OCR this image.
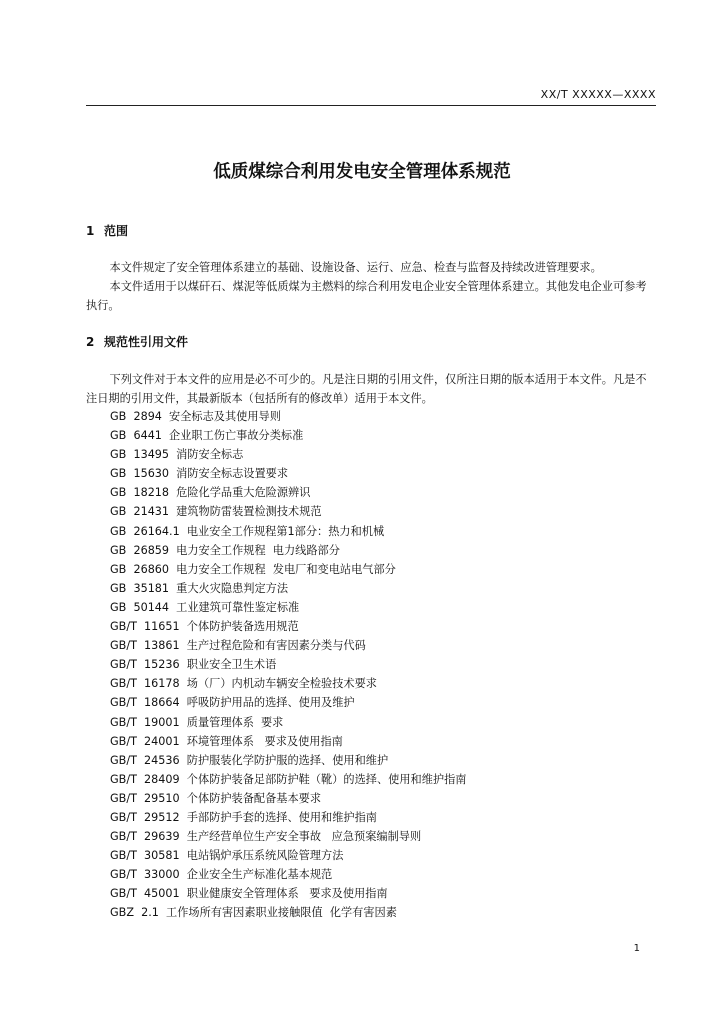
XX/T XXXXX—XXXX
低质煤综合利用发电安全管理体系规范
1 范围
本文件规定了安全管理体系建立的基础、设施设备、运行、应急、检查与监督及持续改进管理要求。
本文件适用于以煤矸石、煤泥等低质煤为主燃料的综合利用发电企业安全管理体系建立。其他发电企业可参考执行。
2 规范性引用文件
下列文件对于本文件的应用是必不可少的。凡是注日期的引用文件，仅所注日期的版本适用于本文件。凡是不注日期的引用文件，其最新版本（包括所有的修改单）适用于本文件。
GB  2894  安全标志及其使用导则
GB  6441  企业职工伤亡事故分类标准
GB  13495  消防安全标志
GB  15630  消防安全标志设置要求
GB  18218  危险化学品重大危险源辨识
GB  21431  建筑物防雷装置检测技术规范
GB  26164.1  电业安全工作规程第1部分：热力和机械
GB  26859  电力安全工作规程  电力线路部分
GB  26860  电力安全工作规程  发电厂和变电站电气部分
GB  35181  重大火灾隐患判定方法
GB  50144  工业建筑可靠性鉴定标准
GB/T  11651  个体防护装备选用规范
GB/T  13861  生产过程危险和有害因素分类与代码
GB/T  15236  职业安全卫生术语
GB/T  16178  场（厂）内机动车辆安全检验技术要求
GB/T  18664  呼吸防护用品的选择、使用及维护
GB/T  19001  质量管理体系  要求
GB/T  24001  环境管理体系   要求及使用指南
GB/T  24536  防护服装化学防护服的选择、使用和维护
GB/T  28409  个体防护装备足部防护鞋（靴）的选择、使用和维护指南
GB/T  29510  个体防护装备配备基本要求
GB/T  29512  手部防护手套的选择、使用和维护指南
GB/T  29639  生产经营单位生产安全事故   应急预案编制导则
GB/T  30581  电站锅炉承压系统风险管理方法
GB/T  33000  企业安全生产标准化基本规范
GB/T  45001  职业健康安全管理体系   要求及使用指南
GBZ  2.1  工作场所有害因素职业接触限值  化学有害因素
1
